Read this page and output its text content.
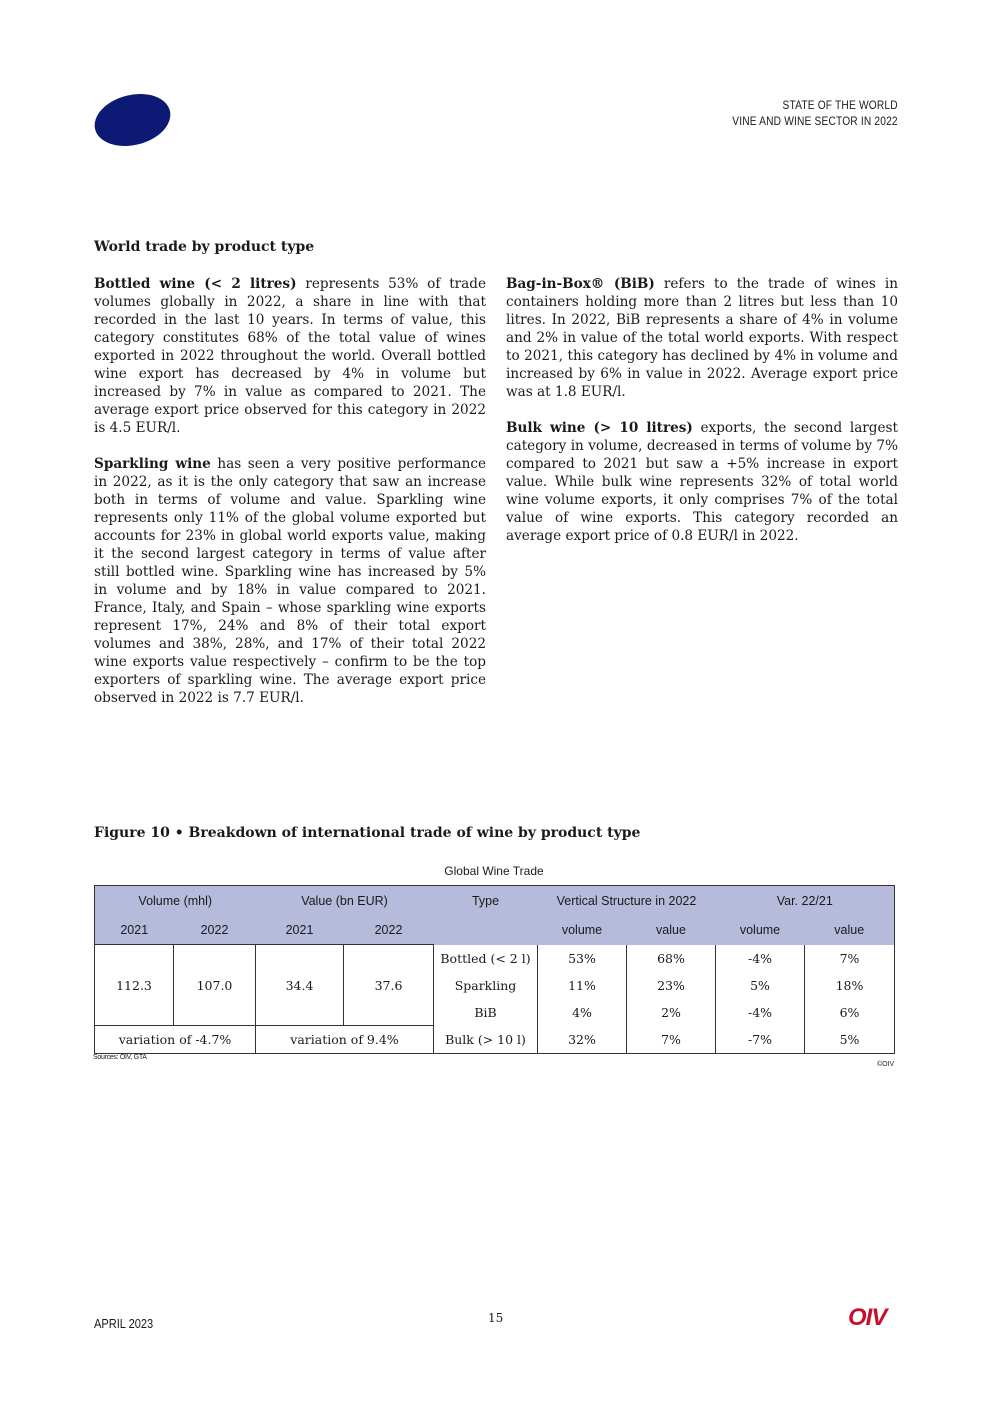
STATE OF THE WORLD
VINE AND WINE SECTOR IN 2022
World trade by product type

Bottled wine (< 2 litres) represents 53% of trade volumes globally in 2022, a share in line with that recorded in the last 10 years. In terms of value, this category constitutes 68% of the total value of wines exported in 2022 throughout the world. Overall bottled wine export has decreased by 4% in volume but increased by 7% in value as compared to 2021. The average export price observed for this category in 2022 is 4.5 EUR/l.

Sparkling wine has seen a very positive performance in 2022, as it is the only category that saw an increase both in terms of volume and value. Sparkling wine represents only 11% of the global volume exported but accounts for 23% in global world exports value, making it the second largest category in terms of value after still bottled wine. Sparkling wine has increased by 5% in volume and by 18% in value compared to 2021. France, Italy, and Spain – whose sparkling wine exports represent 17%, 24% and 8% of their total export volumes and 38%, 28%, and 17% of their total 2022 wine exports value respectively – confirm to be the top exporters of sparkling wine. The average export price observed in 2022 is 7.7 EUR/l.

Bag-in-Box® (BiB) refers to the trade of wines in containers holding more than 2 litres but less than 10 litres. In 2022, BiB represents a share of 4% in volume and 2% in value of the total world exports. With respect to 2021, this category has declined by 4% in volume and increased by 6% in value in 2022. Average export price was at 1.8 EUR/l.

Bulk wine (> 10 litres) exports, the second largest category in volume, decreased in terms of volume by 7% compared to 2021 but saw a +5% increase in export value. While bulk wine represents 32% of total world wine volume exports, it only comprises 7% of the total value of wine exports. This category recorded an average export price of 0.8 EUR/l in 2022.

Figure 10 • Breakdown of international trade of wine by product type
Global Wine Trade
Volume (mhl)		Value (bn EUR)		Type	Vertical Structure in 2022		Var. 22/21	
2021	2022	2021	2022		volume	value	volume	value
112.3	107.0	34.4	37.6	Bottled (< 2 l)	53%	68%	-4%	7%
				Sparkling	11%	23%	5%	18%
				BiB	4%	2%	-4%	6%
variation of -4.7%		variation of 9.4%		Bulk (> 10 l)	32%	7%	-7%	5%
Sources: OIV, GTA
©OIV
APRIL 2023	15	OIV
